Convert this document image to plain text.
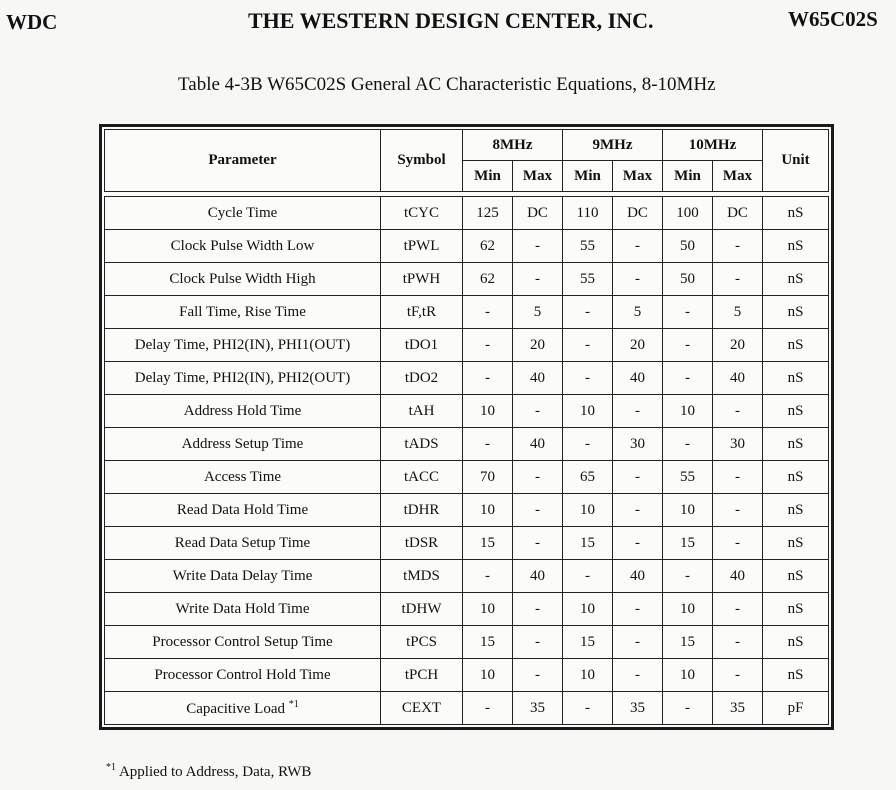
WDC	THE WESTERN DESIGN CENTER, INC.	W65C02S
Table 4-3B W65C02S General AC Characteristic Equations, 8-10MHz
Parameter	Symbol	8MHz		9MHz		10MHz		Unit
		Min	Max	Min	Max	Min	Max	

Cycle Time	tCYC	125	DC	110	DC	100	DC	nS
Clock Pulse Width Low	tPWL	62	-	55	-	50	-	nS
Clock Pulse Width High	tPWH	62	-	55	-	50	-	nS
Fall Time, Rise Time	tF,tR	-	5	-	5	-	5	nS
Delay Time, PHI2(IN), PHI1(OUT)	tDO1	-	20	-	20	-	20	nS
Delay Time, PHI2(IN), PHI2(OUT)	tDO2	-	40	-	40	-	40	nS
Address Hold Time	tAH	10	-	10	-	10	-	nS
Address Setup Time	tADS	-	40	-	30	-	30	nS
Access Time	tACC	70	-	65	-	55	-	nS
Read Data Hold Time	tDHR	10	-	10	-	10	-	nS
Read Data Setup Time	tDSR	15	-	15	-	15	-	nS
Write Data Delay Time	tMDS	-	40	-	40	-	40	nS
Write Data Hold Time	tDHW	10	-	10	-	10	-	nS
Processor Control Setup Time	tPCS	15	-	15	-	15	-	nS
Processor Control Hold Time	tPCH	10	-	10	-	10	-	nS
Capacitive Load $^{*1}$	CEXT	-	35	-	35	-	35	pF
$^{*1}$ Applied to Address, Data, RWB
